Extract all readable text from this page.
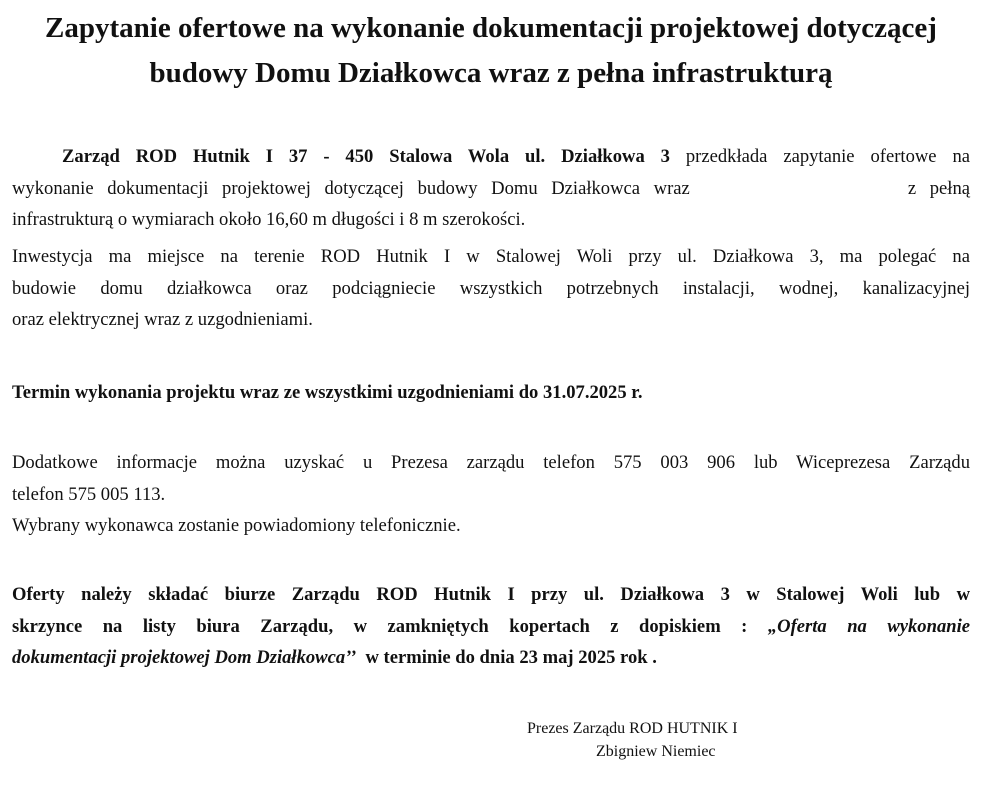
Zapytanie ofertowe na wykonanie dokumentacji projektowej dotyczącej
budowy Domu Działkowca wraz z pełna infrastrukturą
Zarząd ROD Hutnik I 37 - 450 Stalowa Wola ul. Działkowa 3 przedkłada zapytanie ofertowe na
wykonanie dokumentacji projektowej dotyczącej budowy Domu Działkowca wraz                z pełną
infrastrukturą o wymiarach około 16,60 m długości i 8 m szerokości.
Inwestycja ma miejsce na terenie ROD Hutnik I w Stalowej Woli przy ul. Działkowa 3, ma polegać na
budowie domu działkowca oraz podciągniecie wszystkich potrzebnych instalacji, wodnej, kanalizacyjnej
oraz elektrycznej wraz z uzgodnieniami.
Termin wykonania projektu wraz ze wszystkimi uzgodnieniami do 31.07.2025 r.
Dodatkowe informacje można uzyskać u Prezesa zarządu telefon 575 003 906 lub Wiceprezesa Zarządu
telefon 575 005 113.
Wybrany wykonawca zostanie powiadomiony telefonicznie.
Oferty należy składać biurze Zarządu ROD Hutnik I przy ul. Działkowa 3 w Stalowej Woli lub w
skrzynce na listy biura Zarządu, w zamkniętych kopertach z dopiskiem : „Oferta na wykonanie
dokumentacji projektowej Dom Działkowca’’  w terminie do dnia 23 maj 2025 rok .

Prezes Zarządu ROD HUTNIK I

Zbigniew Niemiec
